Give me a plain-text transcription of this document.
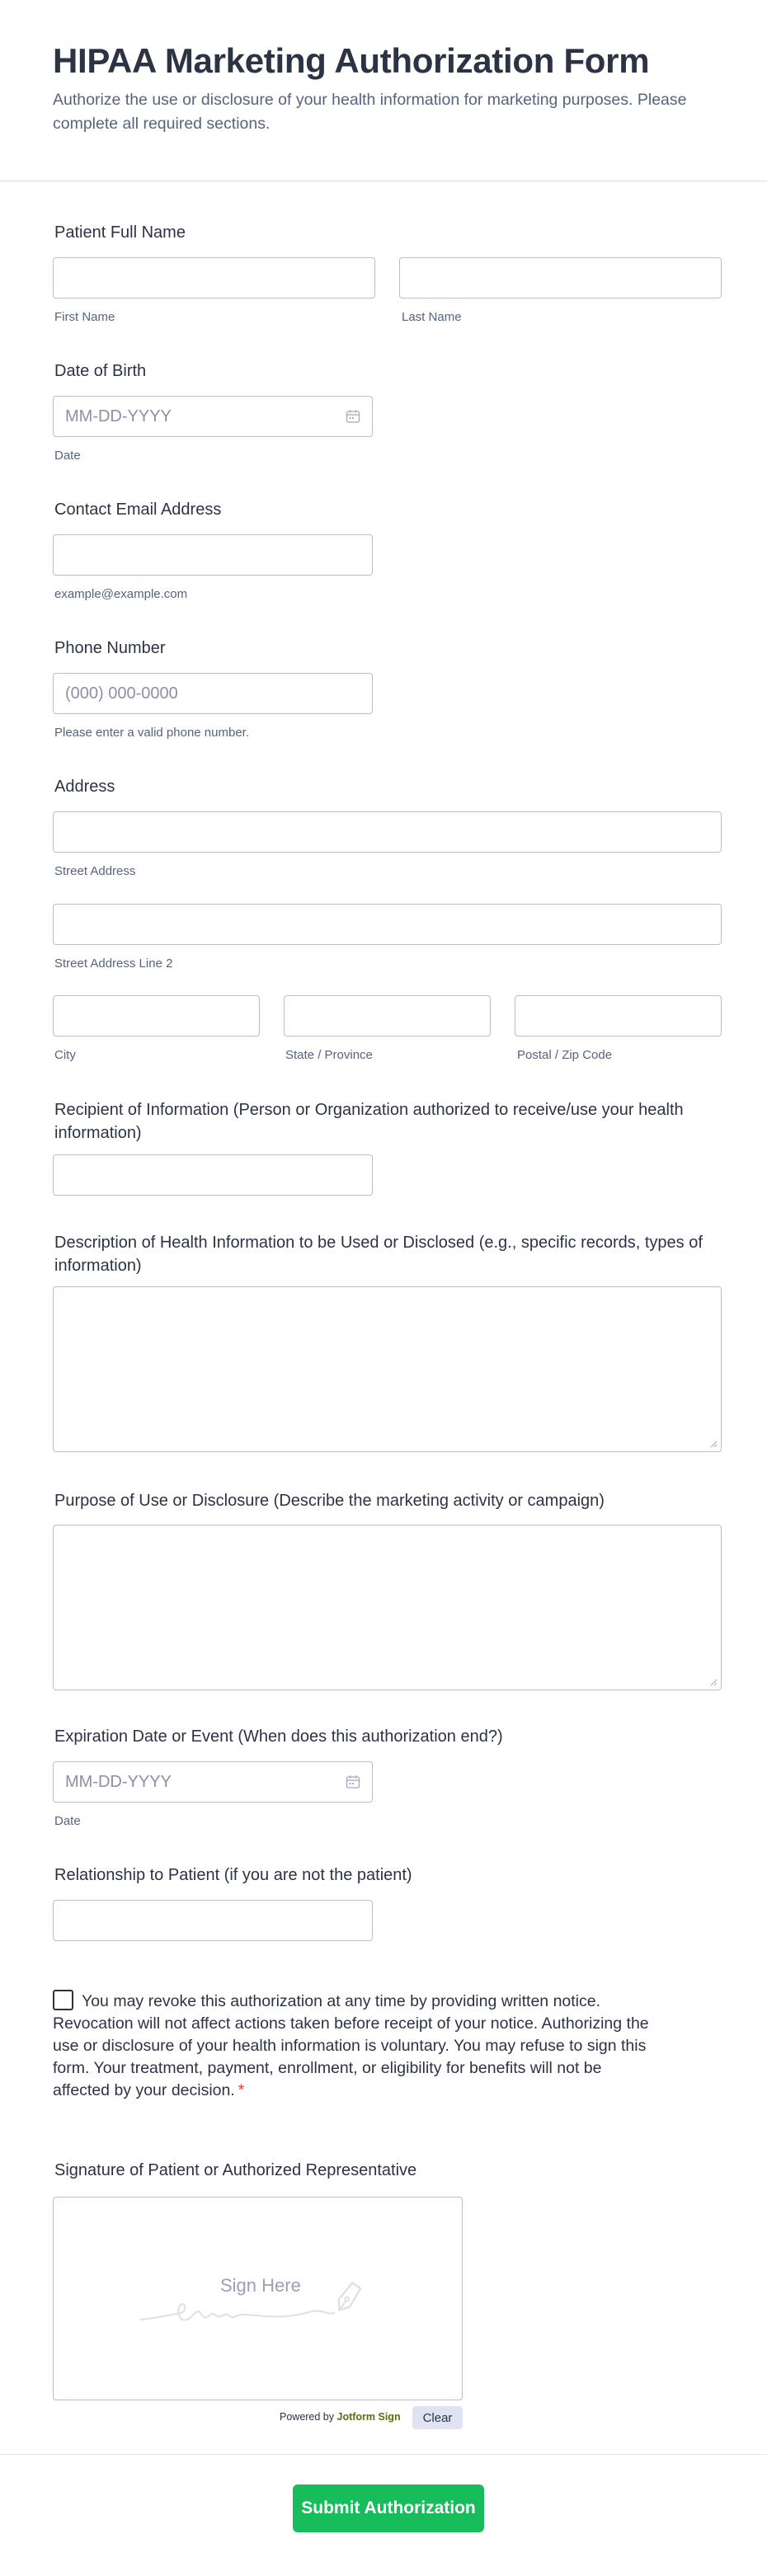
HIPAA Marketing Authorization Form

Authorize the use or disclosure of your health information for marketing purposes. Please complete all required sections.

Patient Full Name
First Name	Last Name
Date of Birth
MM-DD-YYYY
Date
Contact Email Address
example@example.com
Phone Number
(000) 000-0000
Please enter a valid phone number.
Address
Street Address
Street Address Line 2
City	State / Province	Postal / Zip Code
Recipient of Information (Person or Organization authorized to receive/use your health information)
Description of Health Information to be Used or Disclosed (e.g., specific records, types of information)
Purpose of Use or Disclosure (Describe the marketing activity or campaign)
Expiration Date or Event (When does this authorization end?)
MM-DD-YYYY
Date
Relationship to Patient (if you are not the patient)
You may revoke this authorization at any time by providing written notice. Revocation will not affect actions taken before receipt of your notice. Authorizing the use or disclosure of your health information is voluntary. You may refuse to sign this form. Your treatment, payment, enrollment, or eligibility for benefits will not be affected by your decision. *
Signature of Patient or Authorized Representative
Sign Here
Powered by Jotform Sign	Clear
Submit Authorization
